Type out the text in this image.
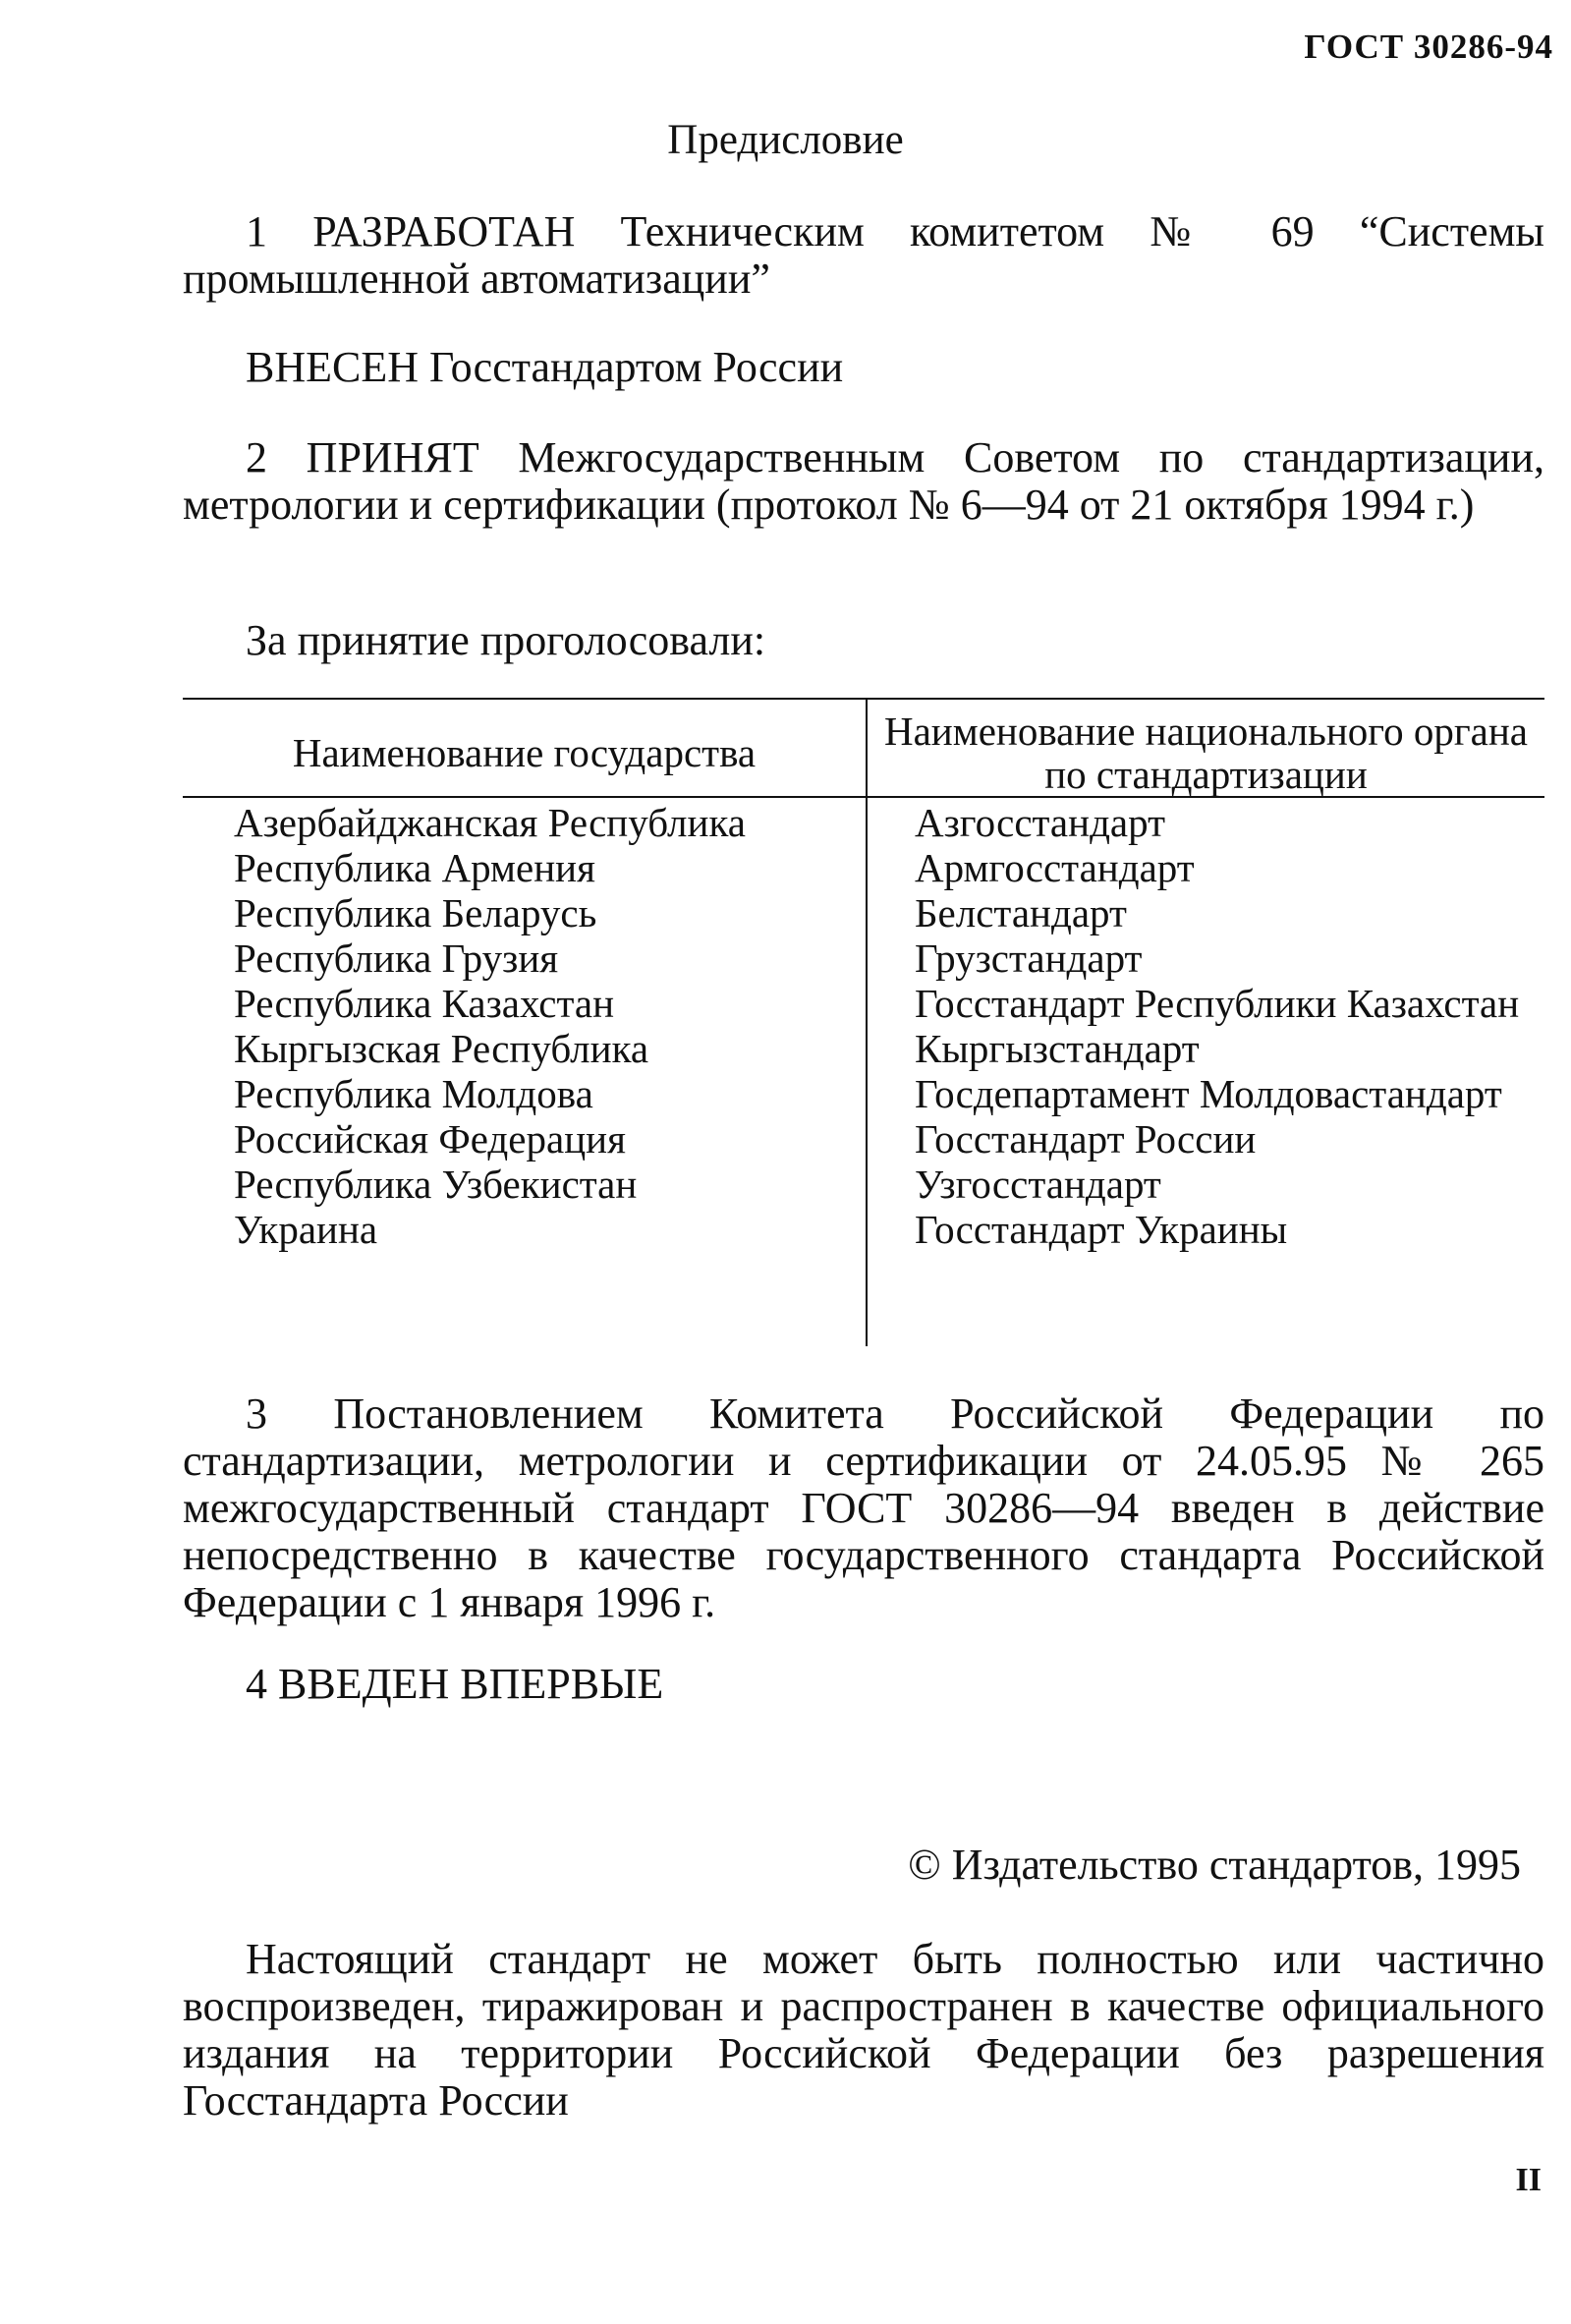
ГОСТ 30286-94
Предисловие
1 РАЗРАБОТАН Техническим комитетом № 69 “Системы промышленной автоматизации”
ВНЕСЕН Госстандартом России
2 ПРИНЯТ Межгосударственным Советом по стандартизации, метрологии и сертификации (протокол № 6—94 от 21 октября 1994 г.)
За принятие проголосовали:
Наименование государства	Наименование национального органа по стандартизации
Азербайджанская Республика	Азгосстандарт
Республика Армения	Армгосстандарт
Республика Беларусь	Белстандарт
Республика Грузия	Грузстандарт
Республика Казахстан	Госстандарт Республики Казахстан
Кыргызская Республика	Кыргызстандарт
Республика Молдова	Госдепартамент Молдовастандарт
Российская Федерация	Госстандарт России
Республика Узбекистан	Узгосстандарт
Украина	Госстандарт Украины
3 Постановлением Комитета Российской Федерации по стандартизации, метрологии и сертификации от 24.05.95 № 265 межгосударственный стандарт ГОСТ 30286—94 введен в действие непосредственно в качестве государственного стандарта Российской Федерации с 1 января 1996 г.
4 ВВЕДЕН ВПЕРВЫЕ
© Издательство стандартов, 1995
Настоящий стандарт не может быть полностью или частично воспроизведен, тиражирован и распространен в качестве официального издания на территории Российской Федерации без разрешения Госстандарта России
II
